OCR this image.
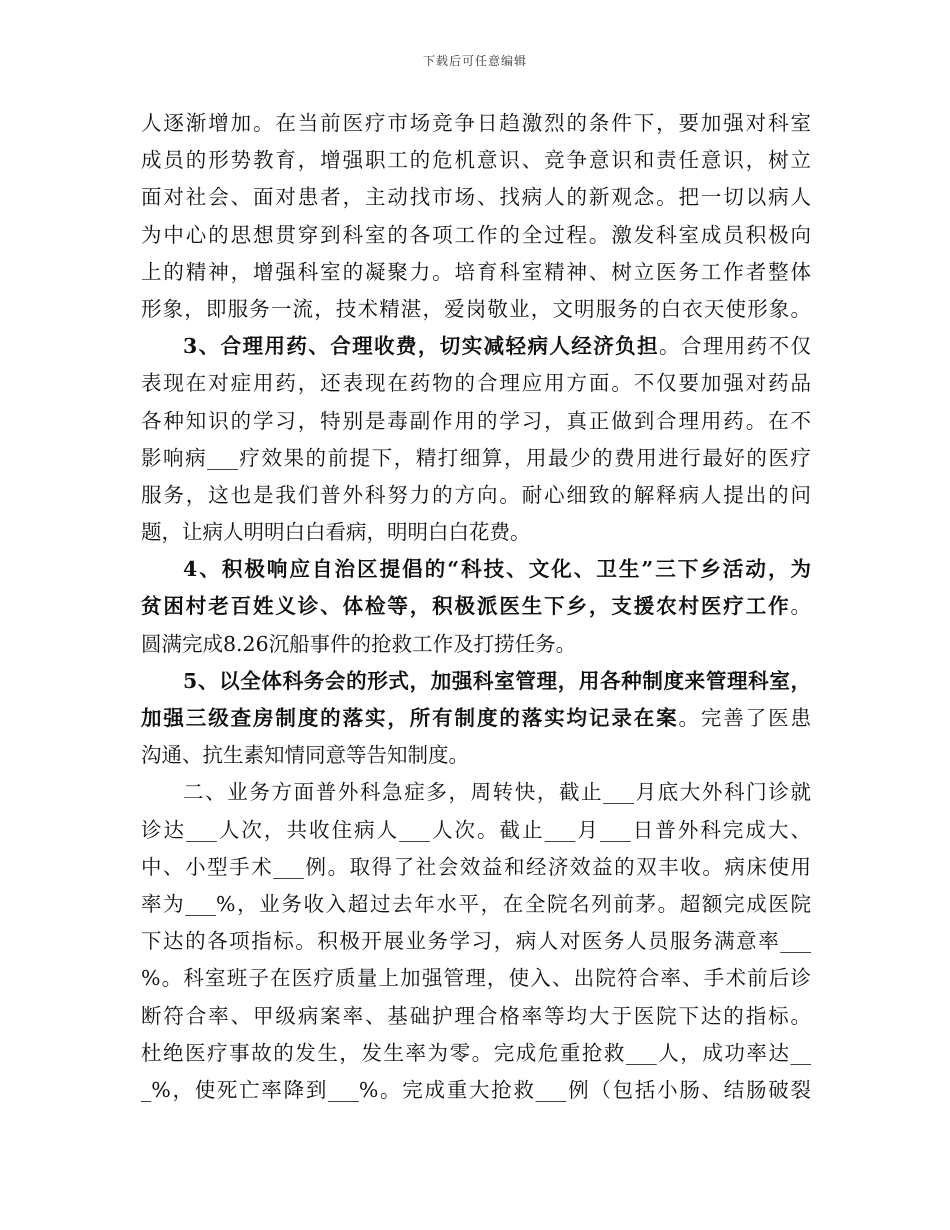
下载后可任意编辑
人逐渐增加。在当前医疗市场竞争日趋激烈的条件下，要加强对科室
成员的形势教育，增强职工的危机意识、竞争意识和责任意识，树立
面对社会、面对患者，主动找市场、找病人的新观念。把一切以病人
为中心的思想贯穿到科室的各项工作的全过程。激发科室成员积极向
上的精神，增强科室的凝聚力。培育科室精神、树立医务工作者整体
形象，即服务一流，技术精湛，爱岗敬业，文明服务的白衣天使形象。
3、合理用药、合理收费，切实减轻病人经济负担。合理用药不仅
表现在对症用药，还表现在药物的合理应用方面。不仅要加强对药品
各种知识的学习，特别是毒副作用的学习，真正做到合理用药。在不
影响病___疗效果的前提下，精打细算，用最少的费用进行最好的医疗
服务，这也是我们普外科努力的方向。耐心细致的解释病人提出的问
题，让病人明明白白看病，明明白白花费。
4、积极响应自治区提倡的“科技、文化、卫生”三下乡活动，为
贫困村老百姓义诊、体检等，积极派医生下乡，支援农村医疗工作。
圆满完成8.26沉船事件的抢救工作及打捞任务。
5、以全体科务会的形式，加强科室管理，用各种制度来管理科室，
加强三级查房制度的落实，所有制度的落实均记录在案。完善了医患
沟通、抗生素知情同意等告知制度。
二、业务方面普外科急症多，周转快，截止___月底大外科门诊就
诊达___人次，共收住病人___人次。截止___月___日普外科完成大、
中、小型手术___例。取得了社会效益和经济效益的双丰收。病床使用
率为___%，业务收入超过去年水平，在全院名列前茅。超额完成医院
下达的各项指标。积极开展业务学习，病人对医务人员服务满意率___
%。科室班子在医疗质量上加强管理，使入、出院符合率、手术前后诊
断符合率、甲级病案率、基础护理合格率等均大于医院下达的指标。
杜绝医疗事故的发生，发生率为零。完成危重抢救___人，成功率达__
_%，使死亡率降到___%。完成重大抢救___例（包括小肠、结肠破裂
